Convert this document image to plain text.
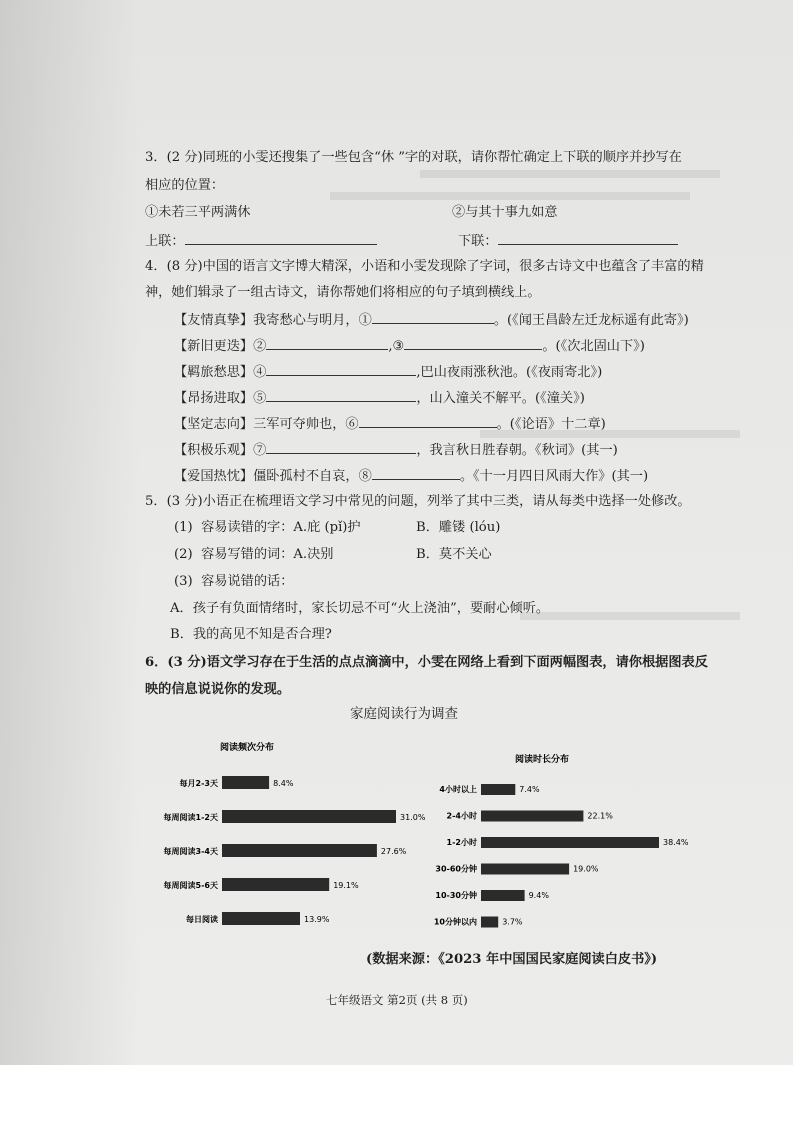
3．(2 分)同班的小雯还搜集了一些包含“休 ”字的对联，请你帮忙确定上下联的顺序并抄写在
相应的位置：
①未若三平两满休	②与其十事九如意
上联：	下联：
4．(8 分)中国的语言文字博大精深，小语和小雯发现除了字词，很多古诗文中也蕴含了丰富的精
神，她们辑录了一组古诗文，请你帮她们将相应的句子填到横线上。
【友情真挚】我寄愁心与明月，①	。(《闻王昌龄左迁龙标遥有此寄》)
【新旧更迭】②	,③	。(《次北固山下》)
【羁旅愁思】④	,巴山夜雨涨秋池。(《夜雨寄北》)
【昂扬进取】⑤	，山入潼关不解平。(《潼关》)
【坚定志向】三军可夺帅也，⑥	。(《论语》十二章)
【积极乐观】⑦	，我言秋日胜春朝。《秋词》(其一)
【爱国热忱】僵卧孤村不自哀，⑧	。《十一月四日风雨大作》(其一)
5．(3 分)小语正在梳理语文学习中常见的问题，列举了其中三类，请从每类中选择一处修改。
(1) 容易读错的字：A.庇 (pǐ)护	B．雕镂 (lóu)
(2) 容易写错的词：A.决别	B．莫不关心
(3) 容易说错的话：
A．孩子有负面情绪时，家长切忌不可“火上浇油”，要耐心倾听。
B．我的高见不知是否合理?
6．(3 分)语文学习存在于生活的点点滴滴中，小雯在网络上看到下面两幅图表，请你根据图表反
映的信息说说你的发现。
家庭阅读行为调查
阅读频次分布
阅读时长分布
每月2-3天	8.4%
每周阅读1-2天	31.0%
每周阅读3-4天	27.6%
每周阅读5-6天	19.1%
每日阅读	13.9%
4小时以上	7.4%
2-4小时	22.1%
1-2小时	38.4%
30-60分钟	19.0%
10-30分钟	9.4%
10分钟以内	3.7%
(数据来源：《2023 年中国国民家庭阅读白皮书》)
七年级语文 第2页 (共 8 页)
